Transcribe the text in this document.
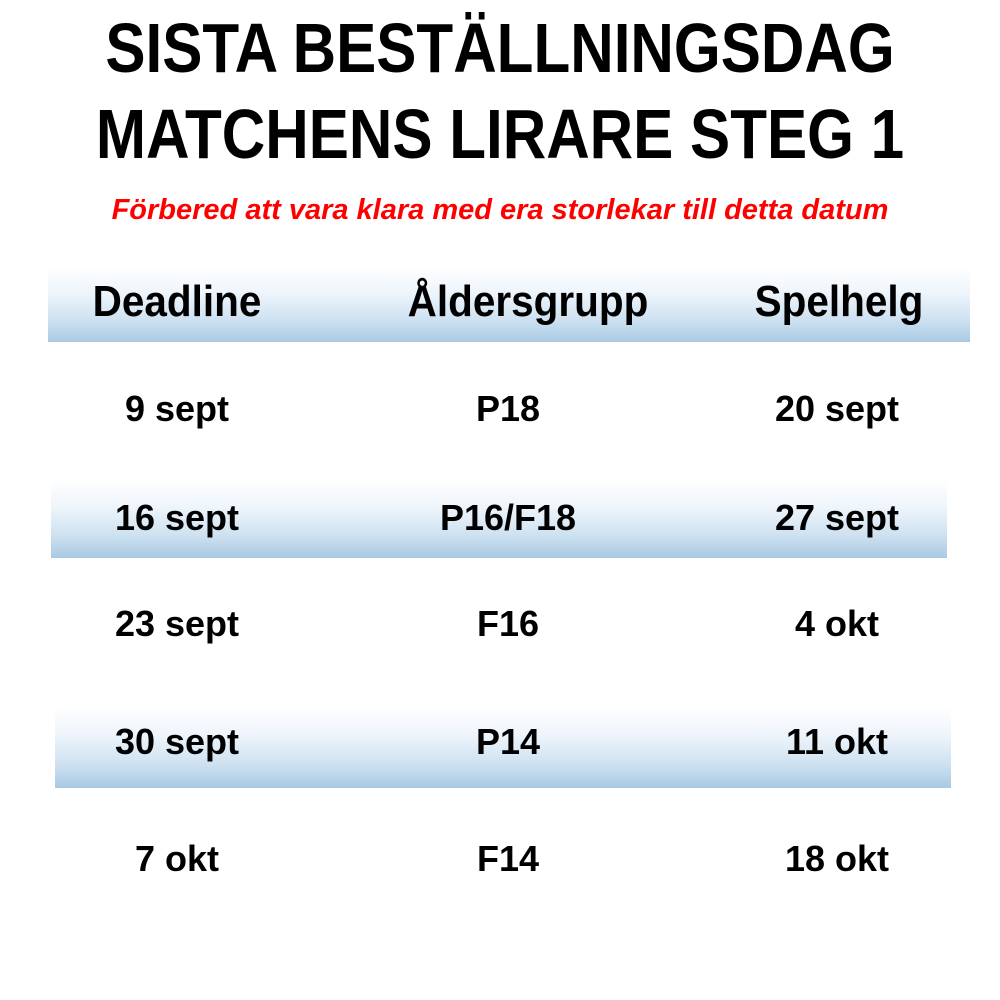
SISTA BESTÄLLNINGSDAG
MATCHENS LIRARE STEG 1
Förbered att vara klara med era storlekar till detta datum
Deadline	Åldersgrupp	Spelhelg
9 sept	P18	20 sept
16 sept	P16/F18	27 sept
23 sept	F16	4 okt
30 sept	P14	11 okt
7 okt	F14	18 okt
